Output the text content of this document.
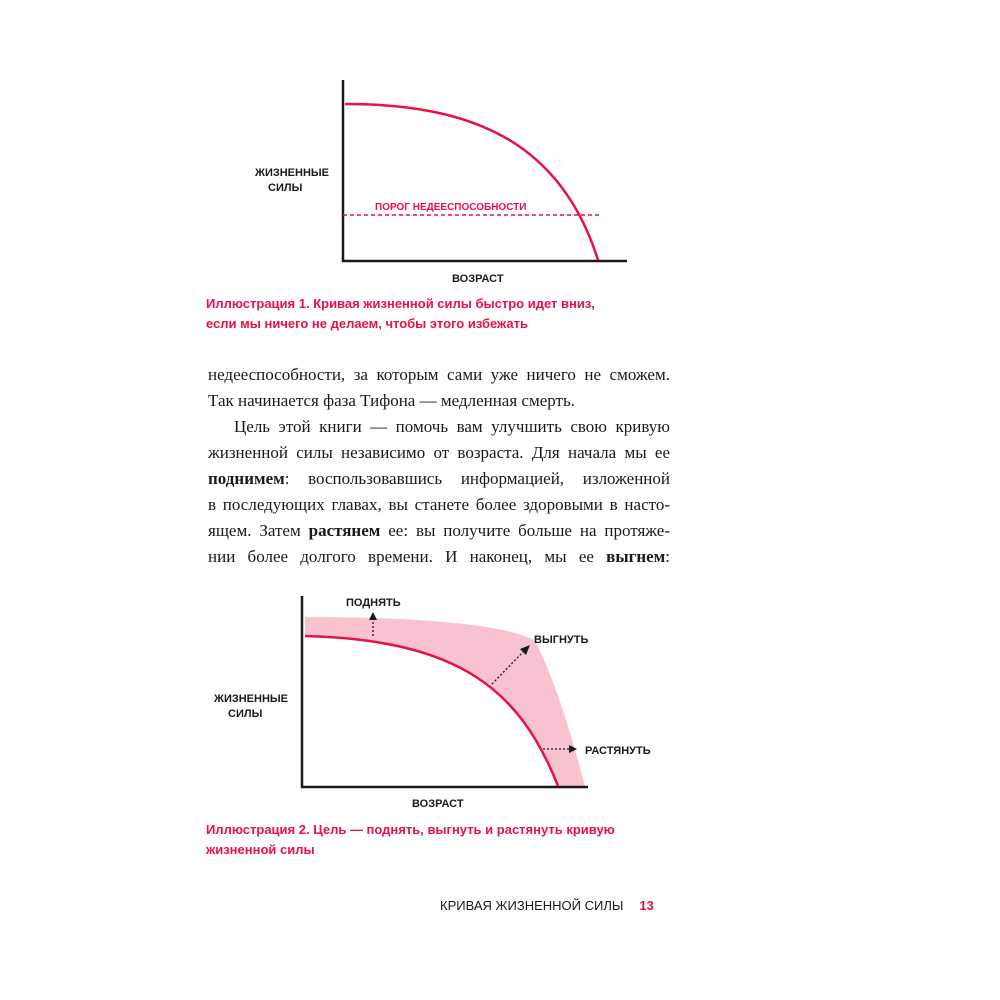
ЖИЗНЕННЫЕ
СИЛЫ
ПОРОГ НЕДЕЕСПОСОБНОСТИ
ВОЗРАСТ
ПОДНЯТЬ
ВЫГНУТЬ
РАСТЯНУТЬ
ЖИЗНЕННЫЕ
СИЛЫ
ВОЗРАСТ
Иллюстрация 1. Кривая жизненной силы быстро идет вниз,
если мы ничего не делаем, чтобы этого избежать
недееспособности, за которым сами уже ничего не сможем.
Так начинается фаза Тифона — медленная смерть.
Цель этой книги — помочь вам улучшить свою кривую
жизненной силы независимо от возраста. Для начала мы ее
поднимем: воспользовавшись информацией, изложенной
в последующих главах, вы станете более здоровыми в насто-
ящем. Затем растянем ее: вы получите больше на протяже-
нии более долгого времени. И наконец, мы ее выгнем:
Иллюстрация 2. Цель — поднять, выгнуть и растянуть кривую
жизненной силы
КРИВАЯ ЖИЗНЕННОЙ СИЛЫ 13
